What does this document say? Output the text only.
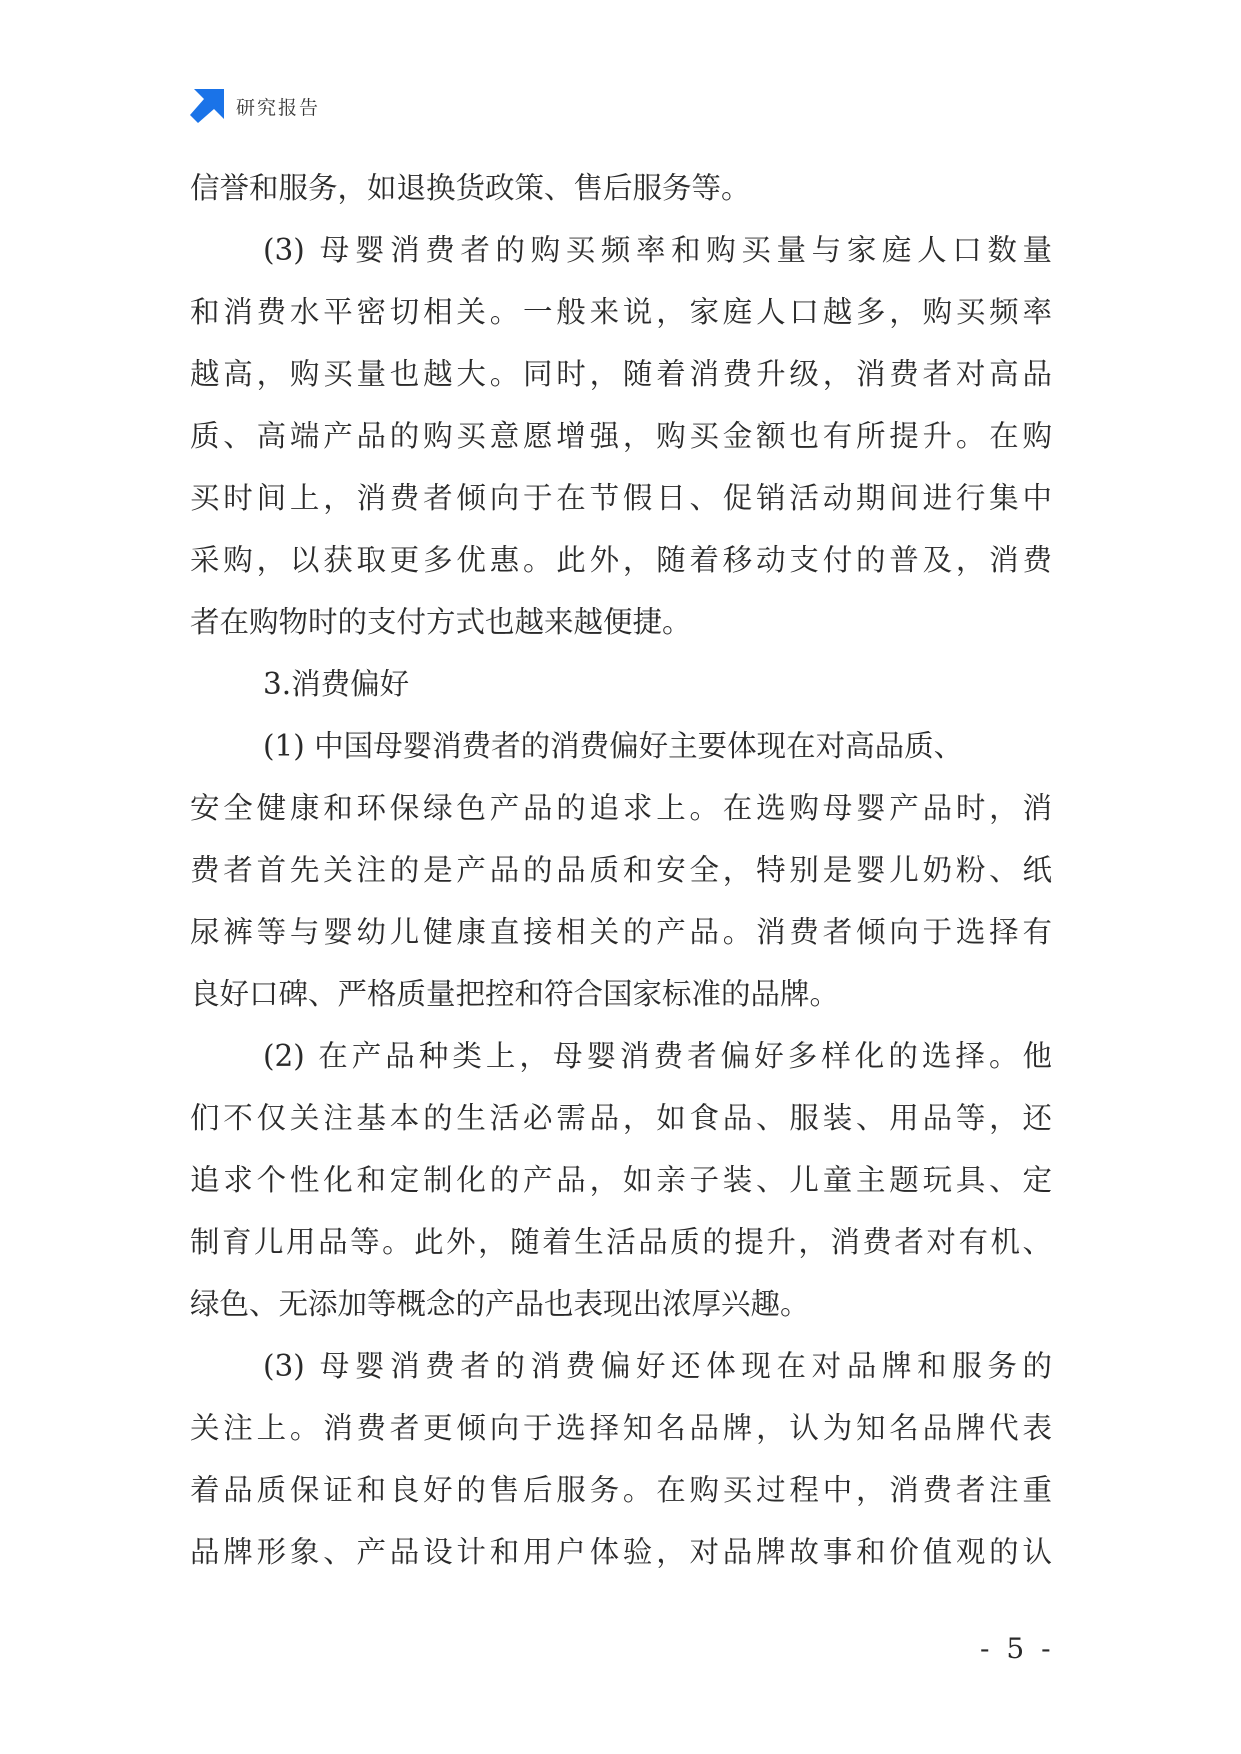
研究报告

信誉和服务，如退换货政策、售后服务等。

(3) 母婴消费者的购买频率和购买量与家庭人口数量

和消费水平密切相关。一般来说，家庭人口越多，购买频率

越高，购买量也越大。同时，随着消费升级，消费者对高品

质、高端产品的购买意愿增强，购买金额也有所提升。在购

买时间上，消费者倾向于在节假日、促销活动期间进行集中

采购，以获取更多优惠。此外，随着移动支付的普及，消费

者在购物时的支付方式也越来越便捷。

3.消费偏好

(1) 中国母婴消费者的消费偏好主要体现在对高品质、

安全健康和环保绿色产品的追求上。在选购母婴产品时，消

费者首先关注的是产品的品质和安全，特别是婴儿奶粉、纸

尿裤等与婴幼儿健康直接相关的产品。消费者倾向于选择有

良好口碑、严格质量把控和符合国家标准的品牌。

(2) 在产品种类上，母婴消费者偏好多样化的选择。他

们不仅关注基本的生活必需品，如食品、服装、用品等，还

追求个性化和定制化的产品，如亲子装、儿童主题玩具、定

制育儿用品等。此外，随着生活品质的提升，消费者对有机、

绿色、无添加等概念的产品也表现出浓厚兴趣。

(3) 母婴消费者的消费偏好还体现在对品牌和服务的

关注上。消费者更倾向于选择知名品牌，认为知名品牌代表

着品质保证和良好的售后服务。在购买过程中，消费者注重

品牌形象、产品设计和用户体验，对品牌故事和价值观的认

- 5 -
